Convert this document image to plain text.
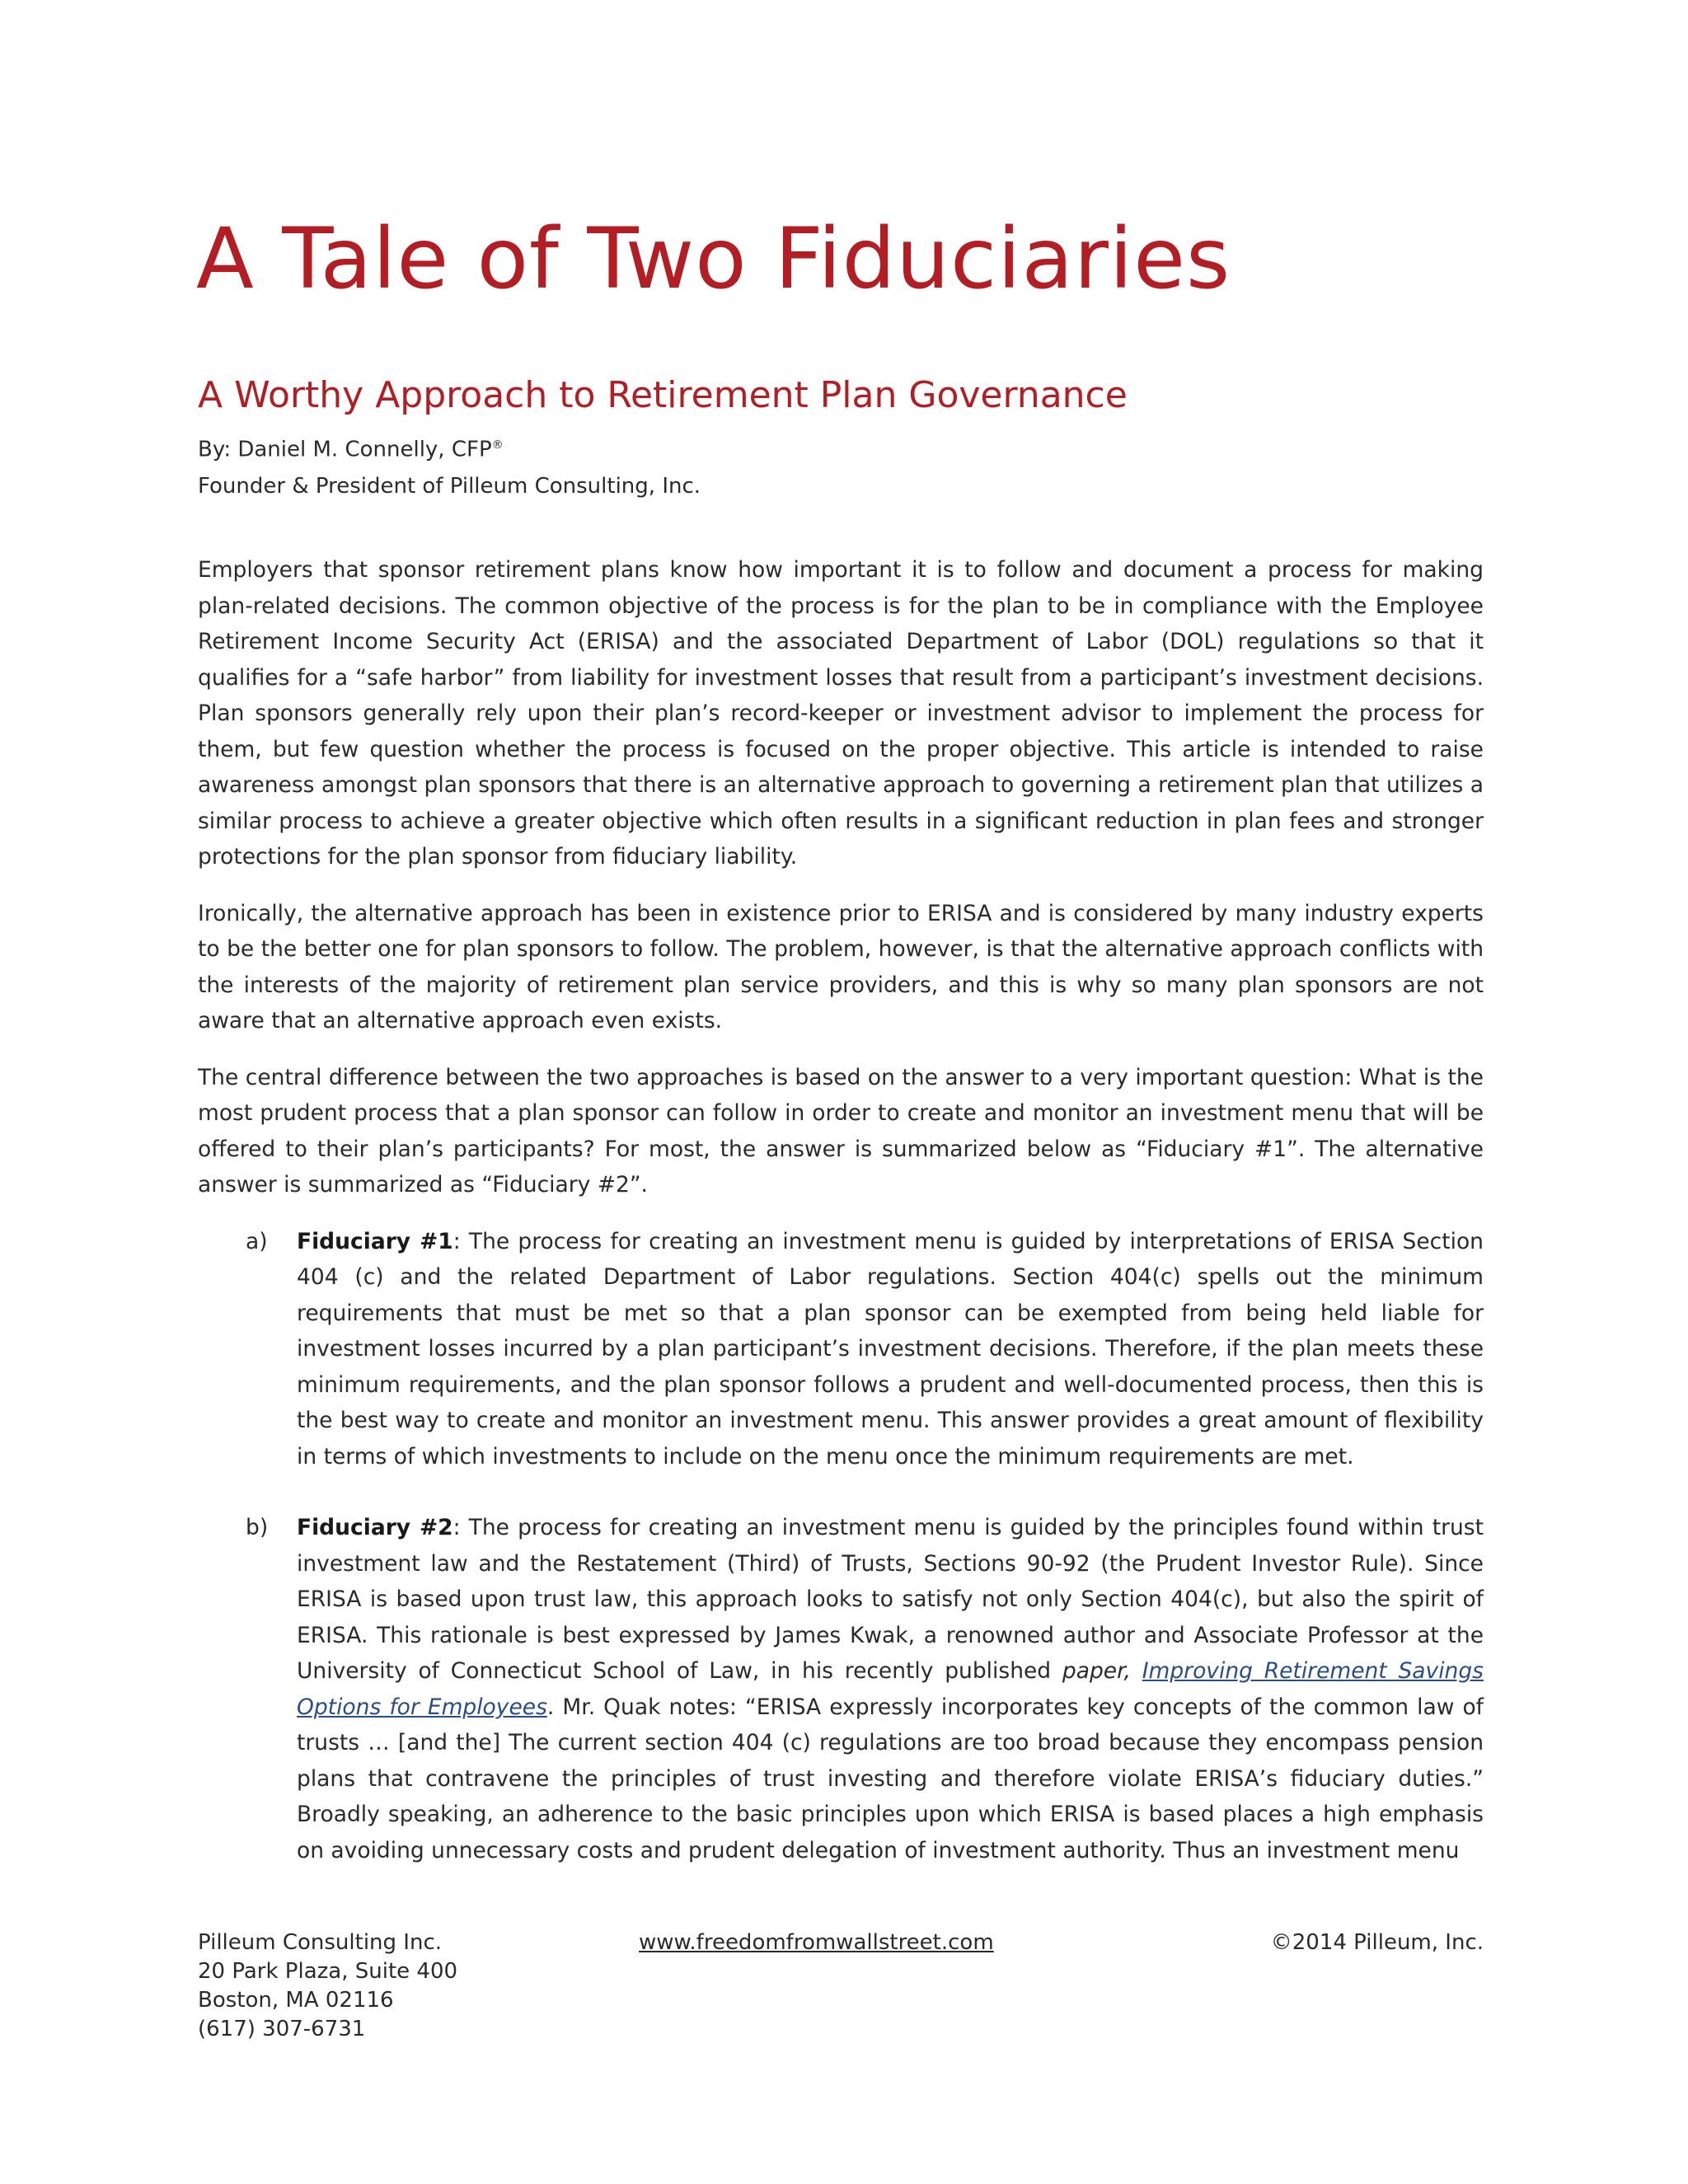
A Tale of Two Fiduciaries
A Worthy Approach to Retirement Plan Governance
By: Daniel M. Connelly, CFP®
Founder & President of Pilleum Consulting, Inc.

Employers that sponsor retirement plans know how important it is to follow and document a process for making plan-related decisions. The common objective of the process is for the plan to be in compliance with the Employee Retirement Income Security Act (ERISA) and the associated Department of Labor (DOL) regulations so that it qualifies for a “safe harbor” from liability for investment losses that result from a participant’s investment decisions. Plan sponsors generally rely upon their plan’s record-keeper or investment advisor to implement the process for them, but few question whether the process is focused on the proper objective. This article is intended to raise awareness amongst plan sponsors that there is an alternative approach to governing a retirement plan that utilizes a similar process to achieve a greater objective which often results in a significant reduction in plan fees and stronger protections for the plan sponsor from fiduciary liability.

Ironically, the alternative approach has been in existence prior to ERISA and is considered by many industry experts to be the better one for plan sponsors to follow. The problem, however, is that the alternative approach conflicts with the interests of the majority of retirement plan service providers, and this is why so many plan sponsors are not aware that an alternative approach even exists.

The central difference between the two approaches is based on the answer to a very important question: What is the most prudent process that a plan sponsor can follow in order to create and monitor an investment menu that will be offered to their plan’s participants? For most, the answer is summarized below as “Fiduciary #1”. The alternative answer is summarized as “Fiduciary #2”.

a) Fiduciary #1: The process for creating an investment menu is guided by interpretations of ERISA Section 404 (c) and the related Department of Labor regulations. Section 404(c) spells out the minimum requirements that must be met so that a plan sponsor can be exempted from being held liable for investment losses incurred by a plan participant’s investment decisions. Therefore, if the plan meets these minimum requirements, and the plan sponsor follows a prudent and well-documented process, then this is the best way to create and monitor an investment menu. This answer provides a great amount of flexibility in terms of which investments to include on the menu once the minimum requirements are met.
b) Fiduciary #2: The process for creating an investment menu is guided by the principles found within trust investment law and the Restatement (Third) of Trusts, Sections 90-92 (the Prudent Investor Rule). Since ERISA is based upon trust law, this approach looks to satisfy not only Section 404(c), but also the spirit of ERISA. This rationale is best expressed by James Kwak, a renowned author and Associate Professor at the University of Connecticut School of Law, in his recently published paper, Improving Retirement Savings Options for Employees. Mr. Quak notes: “ERISA expressly incorporates key concepts of the common law of trusts … [and the] The current section 404 (c) regulations are too broad because they encompass pension plans that contravene the principles of trust investing and therefore violate ERISA’s fiduciary duties.” Broadly speaking, an adherence to the basic principles upon which ERISA is based places a high emphasis on avoiding unnecessary costs and prudent delegation of investment authority. Thus an investment menu
Pilleum Consulting Inc.
20 Park Plaza, Suite 400
Boston, MA 02116
(617) 307-6731
www.freedomfromwallstreet.com	©2014 Pilleum, Inc.
